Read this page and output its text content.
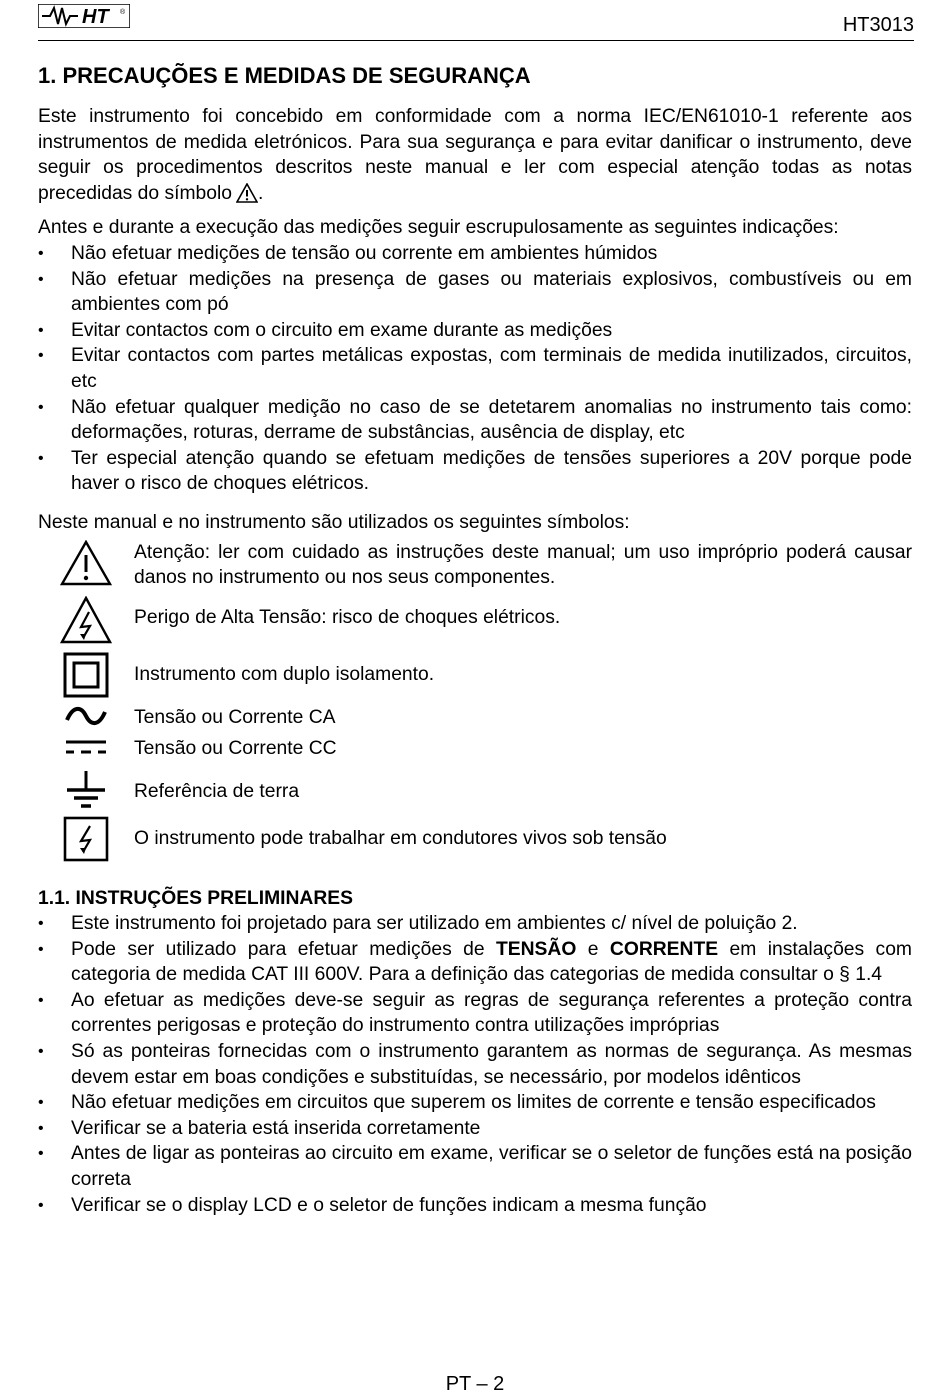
HT ®
HT3013
1. PRECAUÇÕES E MEDIDAS DE SEGURANÇA

Este instrumento foi concebido em conformidade com a norma IEC/EN61010-1 referente aos instrumentos de medida eletrónicos. Para sua segurança e para evitar danificar o instrumento, deve seguir os procedimentos descritos neste manual e ler com especial atenção todas as notas precedidas do símbolo .

Antes e durante a execução das medições seguir escrupulosamente as seguintes indicações:

• Não efetuar medições de tensão ou corrente em ambientes húmidos
• Não efetuar medições na presença de gases ou materiais explosivos, combustíveis ou em ambientes com pó
• Evitar contactos com o circuito em exame durante as medições
• Evitar contactos com partes metálicas expostas, com terminais de medida inutilizados, circuitos, etc
• Não efetuar qualquer medição no caso de se detetarem anomalias no instrumento tais como: deformações, roturas, derrame de substâncias, ausência de display, etc
• Ter especial atenção quando se efetuam medições de tensões superiores a 20V porque pode haver o risco de choques elétricos.

Neste manual e no instrumento são utilizados os seguintes símbolos:

Atenção: ler com cuidado as instruções deste manual; um uso impróprio poderá causar danos no instrumento ou nos seus componentes.
Perigo de Alta Tensão: risco de choques elétricos.
Instrumento com duplo isolamento.
Tensão ou Corrente CA
Tensão ou Corrente CC
Referência de terra
O instrumento pode trabalhar em condutores vivos sob tensão
1.1. INSTRUÇÕES PRELIMINARES
• Este instrumento foi projetado para ser utilizado em ambientes c/ nível de poluição 2.
• Pode ser utilizado para efetuar medições de TENSÃO e CORRENTE em instalações com categoria de medida CAT III 600V. Para a definição das categorias de medida consultar o § 1.4
• Ao efetuar as medições deve-se seguir as regras de segurança referentes a proteção contra correntes perigosas e proteção do instrumento contra utilizações impróprias
• Só as ponteiras fornecidas com o instrumento garantem as normas de segurança. As mesmas devem estar em boas condições e substituídas, se necessário, por modelos idênticos
• Não efetuar medições em circuitos que superem os limites de corrente e tensão especificados
• Verificar se a bateria está inserida corretamente
• Antes de ligar as ponteiras ao circuito em exame, verificar se o seletor de funções está na posição correta
• Verificar se o display LCD e o seletor de funções indicam a mesma função
PT – 2
